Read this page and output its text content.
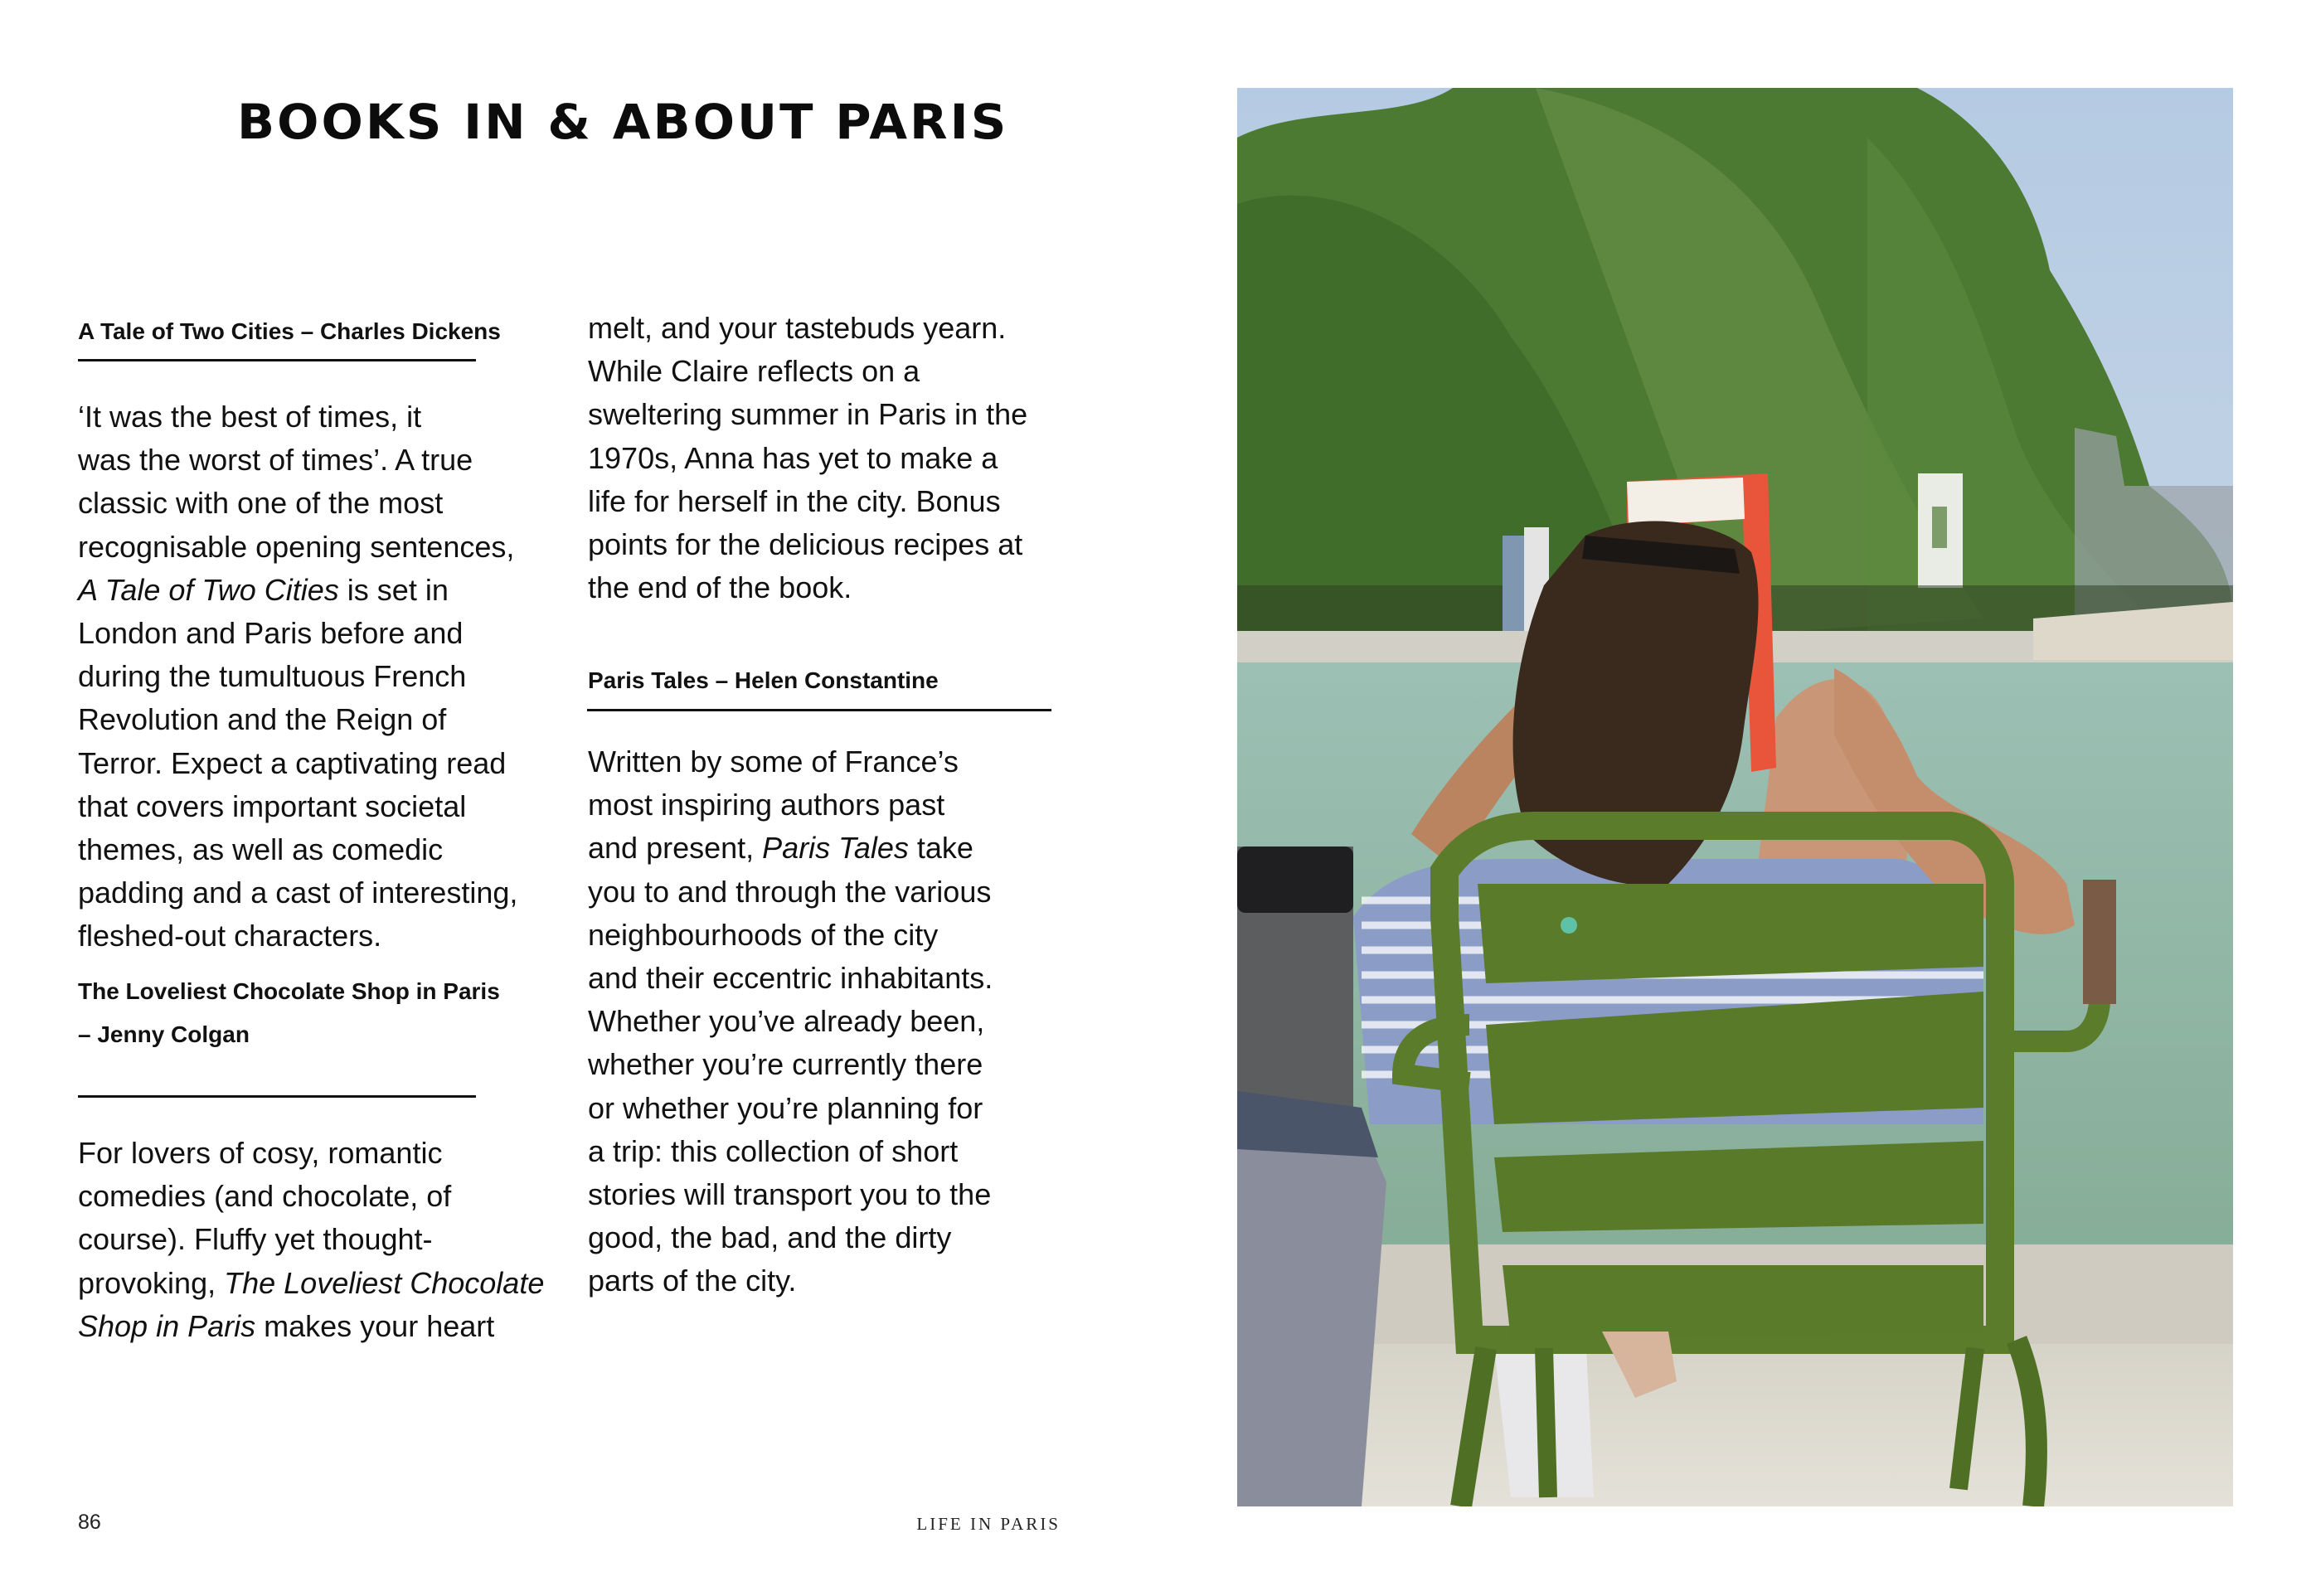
BOOKS IN & ABOUT PARIS
A Tale of Two Cities – Charles Dickens

‘It was the best of times, it
was the worst of times’. A true
classic with one of the most
recognisable opening sentences,
A Tale of Two Cities is set in
London and Paris before and
during the tumultuous French
Revolution and the Reign of
Terror. Expect a captivating read
that covers important societal
themes, as well as comedic
padding and a cast of interesting,
fleshed-out characters.

The Loveliest Chocolate Shop in Paris
– Jenny Colgan

For lovers of cosy, romantic
comedies (and chocolate, of
course). Fluffy yet thought-
provoking, The Loveliest Chocolate
Shop in Paris makes your heart

melt, and your tastebuds yearn.
While Claire reflects on a
sweltering summer in Paris in the
1970s, Anna has yet to make a
life for herself in the city. Bonus
points for the delicious recipes at
the end of the book.

Paris Tales – Helen Constantine

Written by some of France’s
most inspiring authors past
and present, Paris Tales take
you to and through the various
neighbourhoods of the city
and their eccentric inhabitants.
Whether you’ve already been,
whether you’re currently there
or whether you’re planning for
a trip: this collection of short
stories will transport you to the
good, the bad, and the dirty
parts of the city.

86	LIFE IN PARIS
